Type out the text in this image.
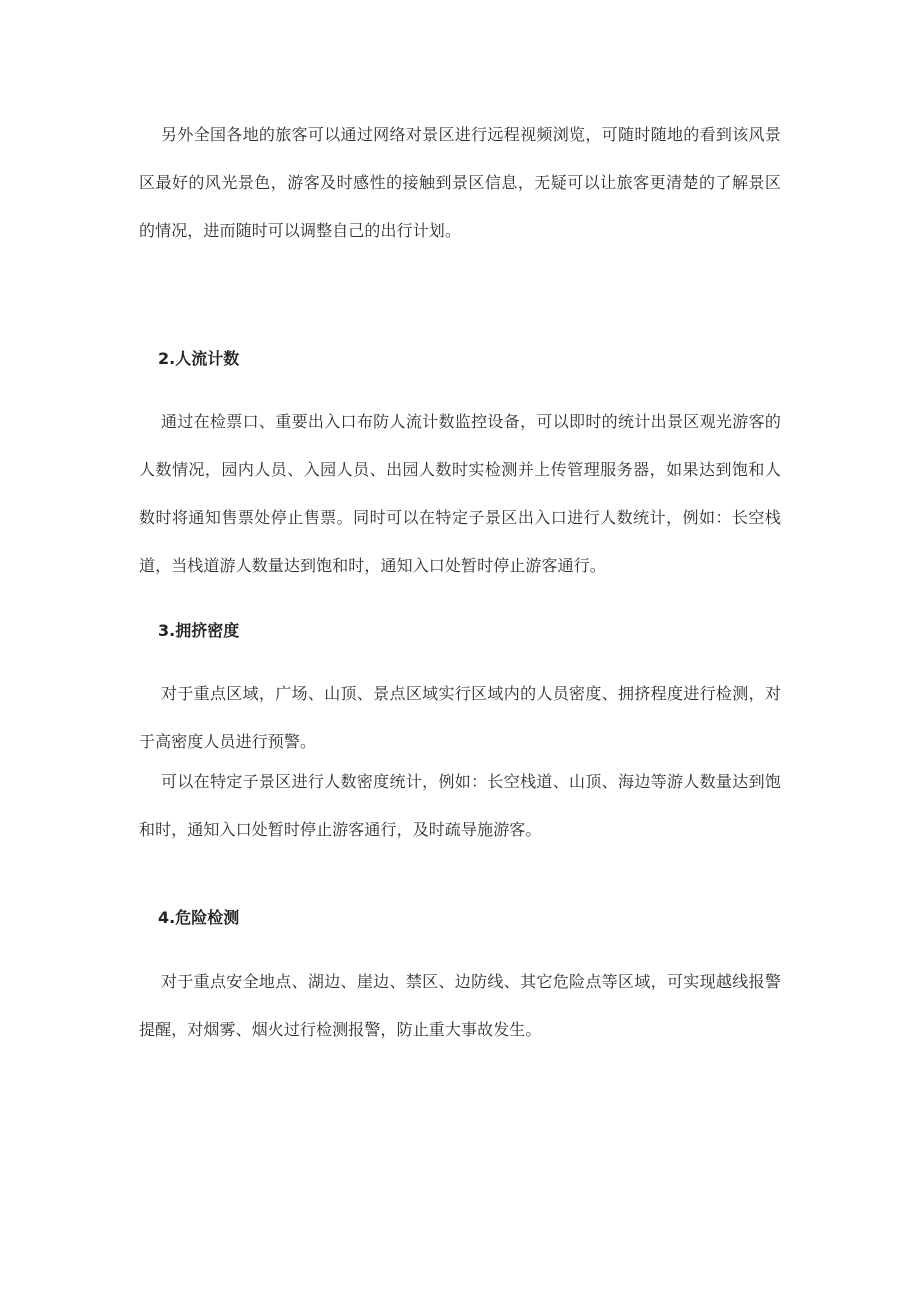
另外全国各地的旅客可以通过网络对景区进行远程视频浏览，可随时随地的看到该风景区最好的风光景色，游客及时感性的接触到景区信息，无疑可以让旅客更清楚的了解景区的情况，进而随时可以调整自己的出行计划。

2.人流计数

通过在检票口、重要出入口布防人流计数监控设备，可以即时的统计出景区观光游客的人数情况，园内人员、入园人员、出园人数时实检测并上传管理服务器，如果达到饱和人数时将通知售票处停止售票。同时可以在特定子景区出入口进行人数统计，例如：长空栈道，当栈道游人数量达到饱和时，通知入口处暂时停止游客通行。

3.拥挤密度

对于重点区域，广场、山顶、景点区域实行区域内的人员密度、拥挤程度进行检测，对于高密度人员进行预警。

可以在特定子景区进行人数密度统计，例如：长空栈道、山顶、海边等游人数量达到饱和时，通知入口处暂时停止游客通行，及时疏导施游客。

4.危险检测

对于重点安全地点、湖边、崖边、禁区、边防线、其它危险点等区域，可实现越线报警提醒，对烟雾、烟火过行检测报警，防止重大事故发生。
